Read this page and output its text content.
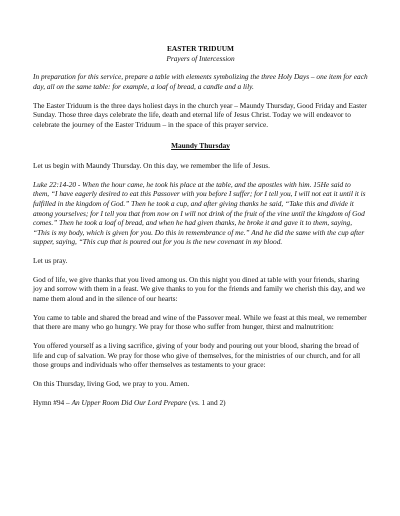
EASTER TRIDUUM
Prayers of Intercession

In preparation for this service, prepare a table with elements symbolizing the three Holy Days – one item for each day, all on the same table: for example, a loaf of bread, a candle and a lily.

The Easter Triduum is the three days holiest days in the church year – Maundy Thursday, Good Friday and Easter Sunday. Those three days celebrate the life, death and eternal life of Jesus Christ. Today we will endeavor to celebrate the journey of the Easter Triduum – in the space of this prayer service.

Maundy Thursday

Let us begin with Maundy Thursday. On this day, we remember the life of Jesus.

Luke 22:14-20 - When the hour came, he took his place at the table, and the apostles with him. 15He said to them, “I have eagerly desired to eat this Passover with you before I suffer; for I tell you, I will not eat it until it is fulfilled in the kingdom of God.” Then he took a cup, and after giving thanks he said, “Take this and divide it among yourselves; for I tell you that from now on I will not drink of the fruit of the vine until the kingdom of God comes.” Then he took a loaf of bread, and when he had given thanks, he broke it and gave it to them, saying, “This is my body, which is given for you. Do this in remembrance of me.” And he did the same with the cup after supper, saying, “This cup that is poured out for you is the new covenant in my blood.

Let us pray.

God of life, we give thanks that you lived among us. On this night you dined at table with your friends, sharing joy and sorrow with them in a feast. We give thanks to you for the friends and family we cherish this day, and we name them aloud and in the silence of our hearts:

You came to table and shared the bread and wine of the Passover meal. While we feast at this meal, we remember that there are many who go hungry. We pray for those who suffer from hunger, thirst and malnutrition:

You offered yourself as a living sacrifice, giving of your body and pouring out your blood, sharing the bread of life and cup of salvation. We pray for those who give of themselves, for the ministries of our church, and for all those groups and individuals who offer themselves as testaments to your grace:

On this Thursday, living God, we pray to you. Amen.

Hymn #94 – An Upper Room Did Our Lord Prepare (vs. 1 and 2)
